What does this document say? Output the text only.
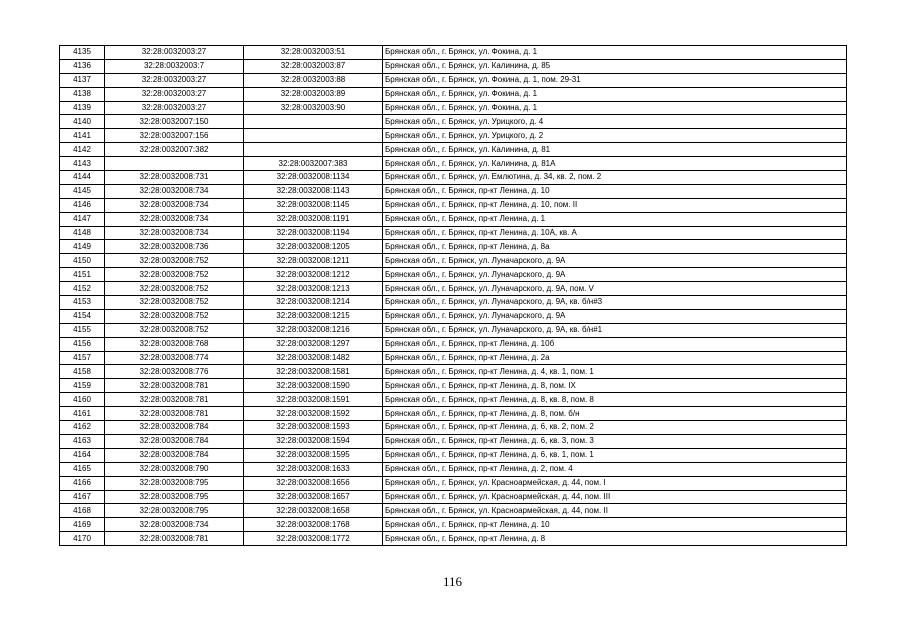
4135	32:28:0032003:27	32:28:0032003:51	Брянская обл., г. Брянск, ул. Фокина, д. 1
4136	32:28:0032003:7	32:28:0032003:87	Брянская обл., г. Брянск, ул. Калинина, д. 85
4137	32:28:0032003:27	32:28:0032003:88	Брянская обл., г. Брянск, ул. Фокина, д. 1, пом. 29-31
4138	32:28:0032003:27	32:28:0032003:89	Брянская обл., г. Брянск, ул. Фокина, д. 1
4139	32:28:0032003:27	32:28:0032003:90	Брянская обл., г. Брянск, ул. Фокина, д. 1
4140	32:28:0032007:150		Брянская обл., г. Брянск, ул. Урицкого, д. 4
4141	32:28:0032007:156		Брянская обл., г. Брянск, ул. Урицкого, д. 2
4142	32:28:0032007:382		Брянская обл., г. Брянск, ул. Калинина, д. 81
4143		32:28:0032007:383	Брянская обл., г. Брянск, ул. Калинина, д. 81А
4144	32:28:0032008:731	32:28:0032008:1134	Брянская обл., г. Брянск, ул. Емлютина, д. 34, кв. 2, пом. 2
4145	32:28:0032008:734	32:28:0032008:1143	Брянская обл., г. Брянск, пр-кт Ленина, д. 10
4146	32:28:0032008:734	32:28:0032008:1145	Брянская обл., г. Брянск, пр-кт Ленина, д. 10, пом. II
4147	32:28:0032008:734	32:28:0032008:1191	Брянская обл., г. Брянск, пр-кт Ленина, д. 1
4148	32:28:0032008:734	32:28:0032008:1194	Брянская обл., г. Брянск, пр-кт Ленина, д. 10А, кв. А
4149	32:28:0032008:736	32:28:0032008:1205	Брянская обл., г. Брянск, пр-кт Ленина, д. 8а
4150	32:28:0032008:752	32:28:0032008:1211	Брянская обл., г. Брянск, ул. Луначарского, д. 9А
4151	32:28:0032008:752	32:28:0032008:1212	Брянская обл., г. Брянск, ул. Луначарского, д. 9А
4152	32:28:0032008:752	32:28:0032008:1213	Брянская обл., г. Брянск, ул. Луначарского, д. 9А, пом. V
4153	32:28:0032008:752	32:28:0032008:1214	Брянская обл., г. Брянск, ул. Луначарского, д. 9А, кв. б/н#3
4154	32:28:0032008:752	32:28:0032008:1215	Брянская обл., г. Брянск, ул. Луначарского, д. 9А
4155	32:28:0032008:752	32:28:0032008:1216	Брянская обл., г. Брянск, ул. Луначарского, д. 9А, кв. б/н#1
4156	32:28:0032008:768	32:28:0032008:1297	Брянская обл., г. Брянск, пр-кт Ленина, д. 10б
4157	32:28:0032008:774	32:28:0032008:1482	Брянская обл., г. Брянск, пр-кт Ленина, д. 2а
4158	32:28:0032008:776	32:28:0032008:1581	Брянская обл., г. Брянск, пр-кт Ленина, д. 4, кв. 1, пом. 1
4159	32:28:0032008:781	32:28:0032008:1590	Брянская обл., г. Брянск, пр-кт Ленина, д. 8, пом. IX
4160	32:28:0032008:781	32:28:0032008:1591	Брянская обл., г. Брянск, пр-кт Ленина, д. 8, кв. 8, пом. 8
4161	32:28:0032008:781	32:28:0032008:1592	Брянская обл., г. Брянск, пр-кт Ленина, д. 8, пом. б/н
4162	32:28:0032008:784	32:28:0032008:1593	Брянская обл., г. Брянск, пр-кт Ленина, д. 6, кв. 2, пом. 2
4163	32:28:0032008:784	32:28:0032008:1594	Брянская обл., г. Брянск, пр-кт Ленина, д. 6, кв. 3, пом. 3
4164	32:28:0032008:784	32:28:0032008:1595	Брянская обл., г. Брянск, пр-кт Ленина, д. 6, кв. 1, пом. 1
4165	32:28:0032008:790	32:28:0032008:1633	Брянская обл., г. Брянск, пр-кт Ленина, д. 2, пом. 4
4166	32:28:0032008:795	32:28:0032008:1656	Брянская обл., г. Брянск, ул. Красноармейская, д. 44, пом. I
4167	32:28:0032008:795	32:28:0032008:1657	Брянская обл., г. Брянск, ул. Красноармейская, д. 44, пом. III
4168	32:28:0032008:795	32:28:0032008:1658	Брянская обл., г. Брянск, ул. Красноармейская, д. 44, пом. II
4169	32:28:0032008:734	32:28:0032008:1768	Брянская обл., г. Брянск, пр-кт Ленина, д. 10
4170	32:28:0032008:781	32:28:0032008:1772	Брянская обл., г. Брянск, пр-кт Ленина, д. 8
116
